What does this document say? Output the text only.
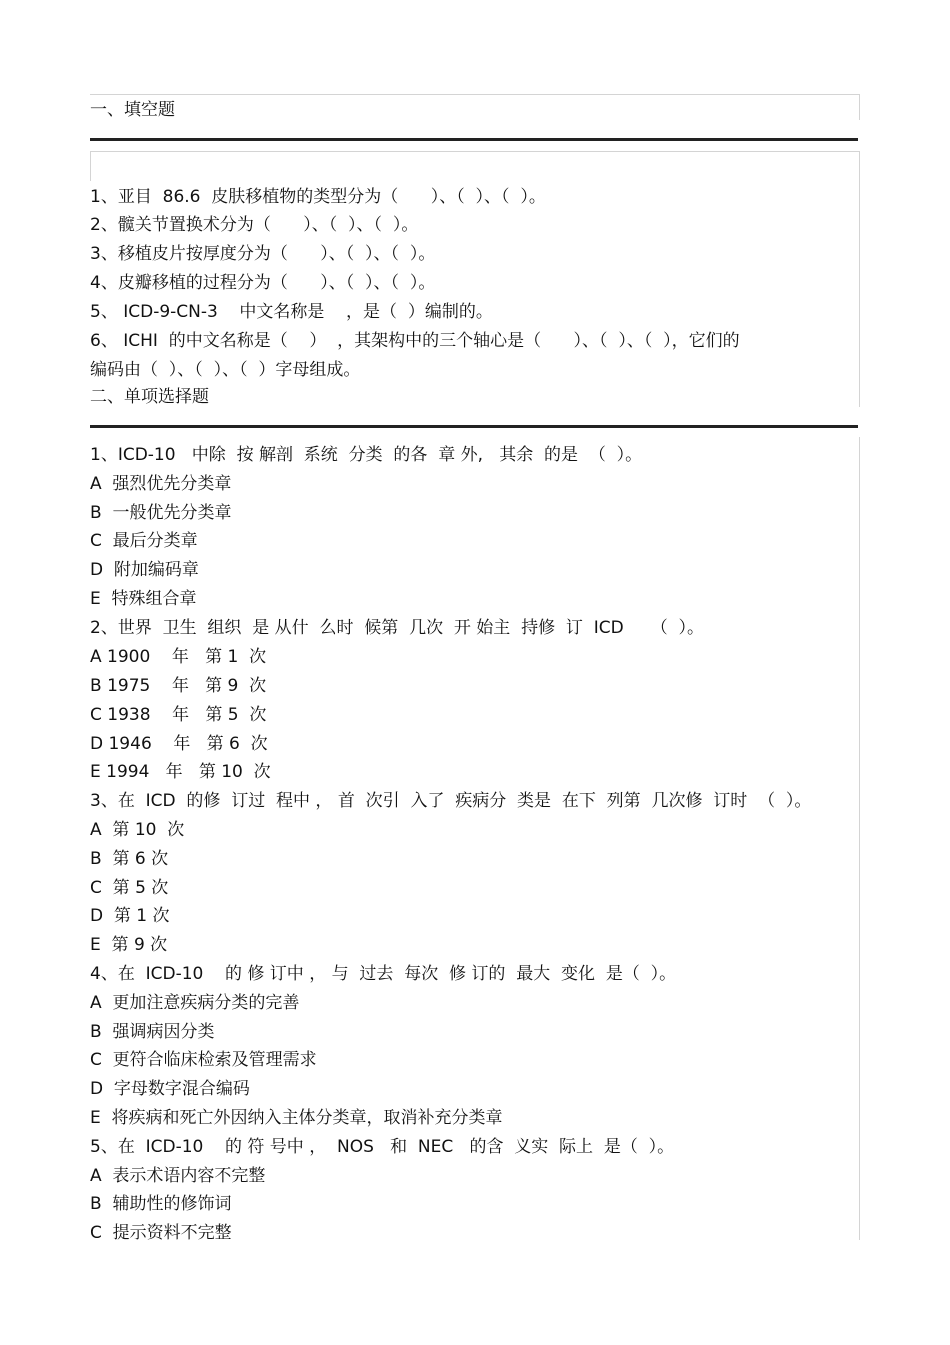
一、填空题
1、亚目  86.6  皮肤移植物的类型分为（      ）、（  ）、（  ）。
2、髋关节置换术分为（      ）、（  ）、（  ）。
3、移植皮片按厚度分为（      ）、（  ）、（  ）。
4、皮瓣移植的过程分为（      ）、（  ）、（  ）。
5、 ICD-9-CN-3    中文名称是    ，是（  ）编制的。
6、 ICHI  的中文名称是（    ）  ，其架构中的三个轴心是（      ）、（  ）、（  ），它们的
编码由（  ）、（  ）、（  ）字母组成。
二、单项选择题
1、ICD-10   中除  按 解剖  系统  分类  的各  章 外,   其余  的是  （  ）。
A  强烈优先分类章
B  一般优先分类章
C  最后分类章
D  附加编码章
E  特殊组合章
2、世界  卫生  组织  是 从什  么时  候第  几次  开 始主  持修  订  ICD     （  ）。
A 1900    年   第 1  次
B 1975    年   第 9  次
C 1938    年   第 5  次
D 1946    年   第 6  次
E 1994   年   第 10  次
3、在  ICD  的修  订过  程中 ， 首  次引  入了  疾病分  类是  在下  列第  几次修  订时  （  ）。
A  第 10  次
B  第 6 次
C  第 5 次
D  第 1 次
E  第 9 次
4、在  ICD-10    的 修 订中 ， 与  过去  每次  修 订的  最大  变化  是（  ）。
A  更加注意疾病分类的完善
B  强调病因分类
C  更符合临床检索及管理需求
D  字母数字混合编码
E  将疾病和死亡外因纳入主体分类章，取消补充分类章
5、在  ICD-10    的 符 号中 ，  NOS   和  NEC   的含  义实  际上  是（  ）。
A  表示术语内容不完整
B  辅助性的修饰词
C  提示资料不完整
